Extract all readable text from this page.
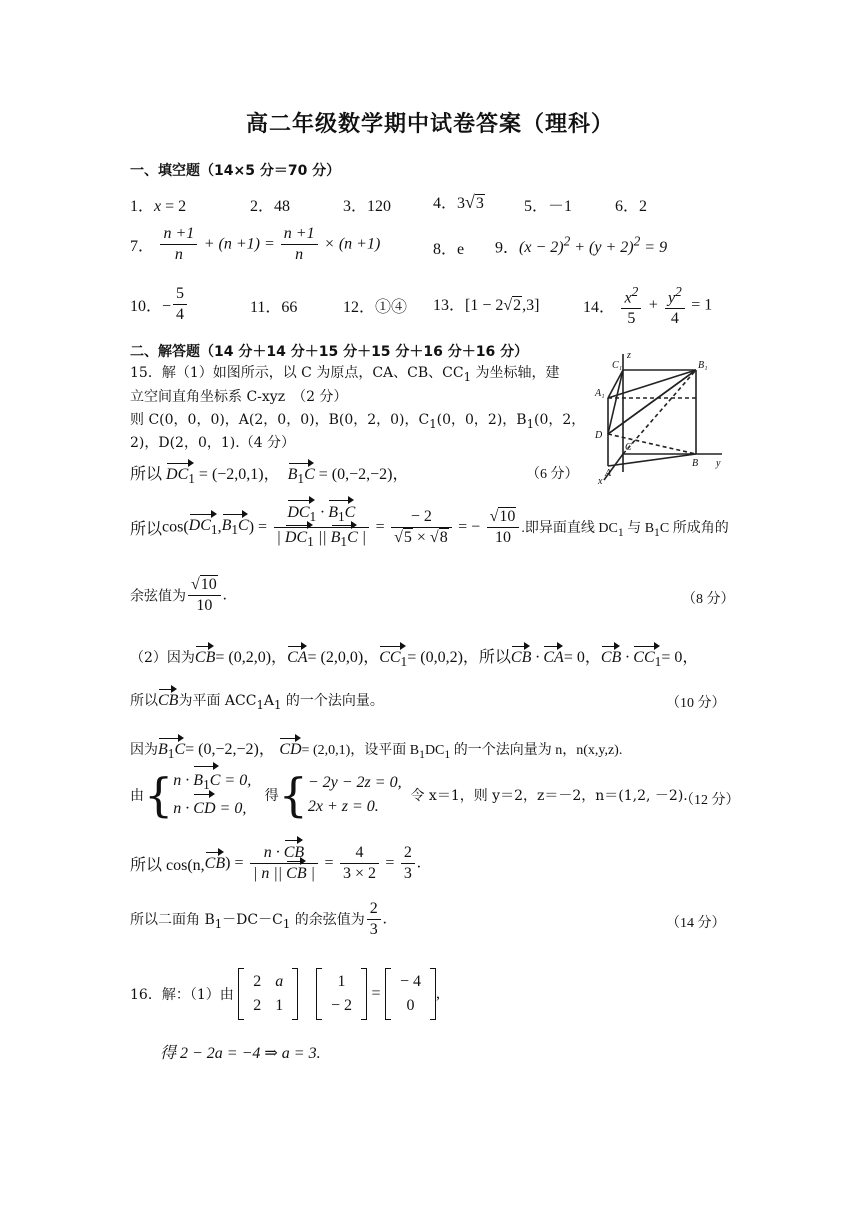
高二年级数学期中试卷答案（理科）
一、填空题（14×5 分＝70 分）
1．x = 2	2．48	3．120	4．3√3	5．－1	6．2
7． $\frac{n +1}{n} + (n +1) = \frac{n +1}{n} \times (n +1)$	8．e 9．$(x - 2)^2 + (y + 2)^2 = 9$
10．− $\frac{5}{4}$	11．66	12．①④ 13．[1 − 2√2,3]	14． $\frac{x^2}{5} + \frac{y^2}{4} = 1$
二、解答题（14 分＋14 分＋15 分＋15 分＋16 分＋16 分）
15．解（1）如图所示，以 C 为原点，CA、CB、$CC_1$ 为坐标轴，建
立空间直角坐标系 C-xyz　（2 分）
则 C(0，0，0)，A(2，0，0)，B(0，2，0)，$C_1(0$，0，2)，$B_1(0$，2，
2)，D(2，0，1).（4 分）
z
C₁	B₁
A₁
D
C
B y
A
x
所以 $DC_1 = (-2,0,1)$， $B_1C = (0,-2,-2)$，	（6 分）
所以$\cos(DC_1,B_1C) = \frac{DC_1 \cdot B_1C}{| DC_1 || B_1C |} = \frac{- 2}{√5 \times √8}$ = − $\frac{√10}{10}$ .即异面直线 $DC_1$ 与 $B_1C$ 所成角的
余弦值为 $\frac{√10}{10}$ .	（8 分）
（2）因为CB= (0,2,0)，CA= (2,0,0)，$CC_1= (0,0,2)$，所以CB · CA= 0，CB · $CC_1= 0$，
所以CB为平面 $ACC_1A_1$ 的一个法向量。	（10 分）
因为$B_1C= (0,-2,-2)$， CD= (2,0,1)，设平面 $B_1DC_1$ 的一个法向量为 n，n(x,y,z).
由{ $n \cdot B_1C = 0$,
n · CD = 0,
得{ − 2y − 2z = 0,
2x + z = 0.
令 x＝1，则 y＝2，z＝－2，n＝(1,2, －2).
（12 分）
所以 $\cos(n,CB) = \frac{n \cdot CB}{| n || CB |} = \frac{4}{3 \times 2} = \frac{2}{3}$ .
所以二面角 $B_1-DC-C_1$ 的余弦值为 $\frac{2}{3}$ .	（14 分）
16．解：（1）由
2	a
2	1

1
− 2
=
− 4
0
,
得 2 − 2a = −4 ⇒ a = 3.
